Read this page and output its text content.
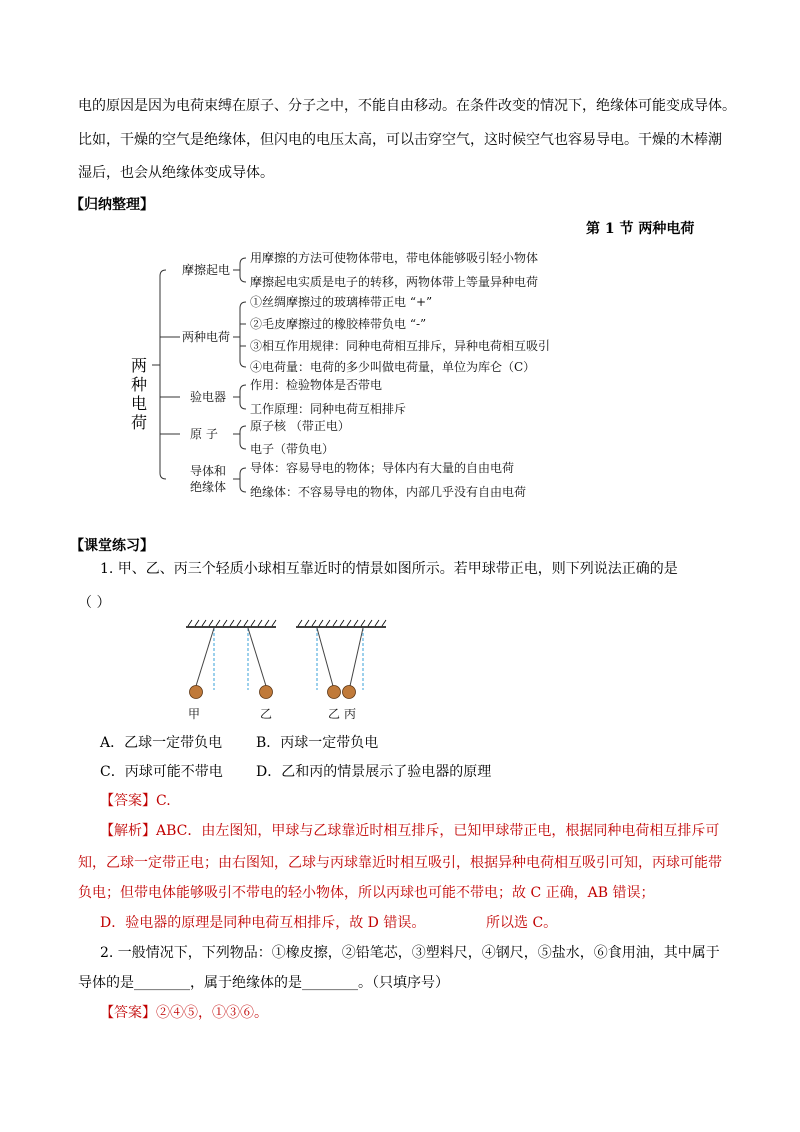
电的原因是因为电荷束缚在原子、分子之中，不能自由移动。在条件改变的情况下，绝缘体可能变成导体。
比如，干燥的空气是绝缘体，但闪电的电压太高，可以击穿空气，这时候空气也容易导电。干燥的木棒潮
湿后，也会从绝缘体变成导体。
【归纳整理】
第 1 节 两种电荷
两种电荷
摩擦起电
用摩擦的方法可使物体带电，带电体能够吸引轻小物体
摩擦起电实质是电子的转移，两物体带上等量异种电荷
两种电荷
①丝绸摩擦过的玻璃棒带正电 “+”
②毛皮摩擦过的橡胶棒带负电 “-”
③相互作用规律：同种电荷相互排斥，异种电荷相互吸引
④电荷量：电荷的多少叫做电荷量，单位为库仑（C）
验电器
作用：检验物体是否带电
工作原理：同种电荷互相排斥
原 子
原子核 （带正电）
电子（带负电）
导体和
绝缘体
导体：容易导电的物体；导体内有大量的自由电荷
绝缘体：不容易导电的物体，内部几乎没有自由电荷
【课堂练习】
1. 甲、乙、丙三个轻质小球相互靠近时的情景如图所示。若甲球带正电，则下列说法正确的是
（ ）
甲	乙	乙 丙
A．乙球一定带负电 B．丙球一定带负电
C．丙球可能不带电 D．乙和丙的情景展示了验电器的原理
【答案】C.
【解析】ABC．由左图知，甲球与乙球靠近时相互排斥，已知甲球带正电，根据同种电荷相互排斥可
知，乙球一定带正电；由右图知，乙球与丙球靠近时相互吸引，根据异种电荷相互吸引可知，丙球可能带
负电；但带电体能够吸引不带电的轻小物体，所以丙球也可能不带电；故 C 正确，AB 错误；
D．验电器的原理是同种电荷互相排斥，故 D 错误。	所以选 C。
2. 一般情况下，下列物品：①橡皮擦，②铅笔芯，③塑料尺，④钢尺，⑤盐水，⑥食用油，其中属于
导体的是________，属于绝缘体的是________。（只填序号）
【答案】②④⑤，①③⑥。
